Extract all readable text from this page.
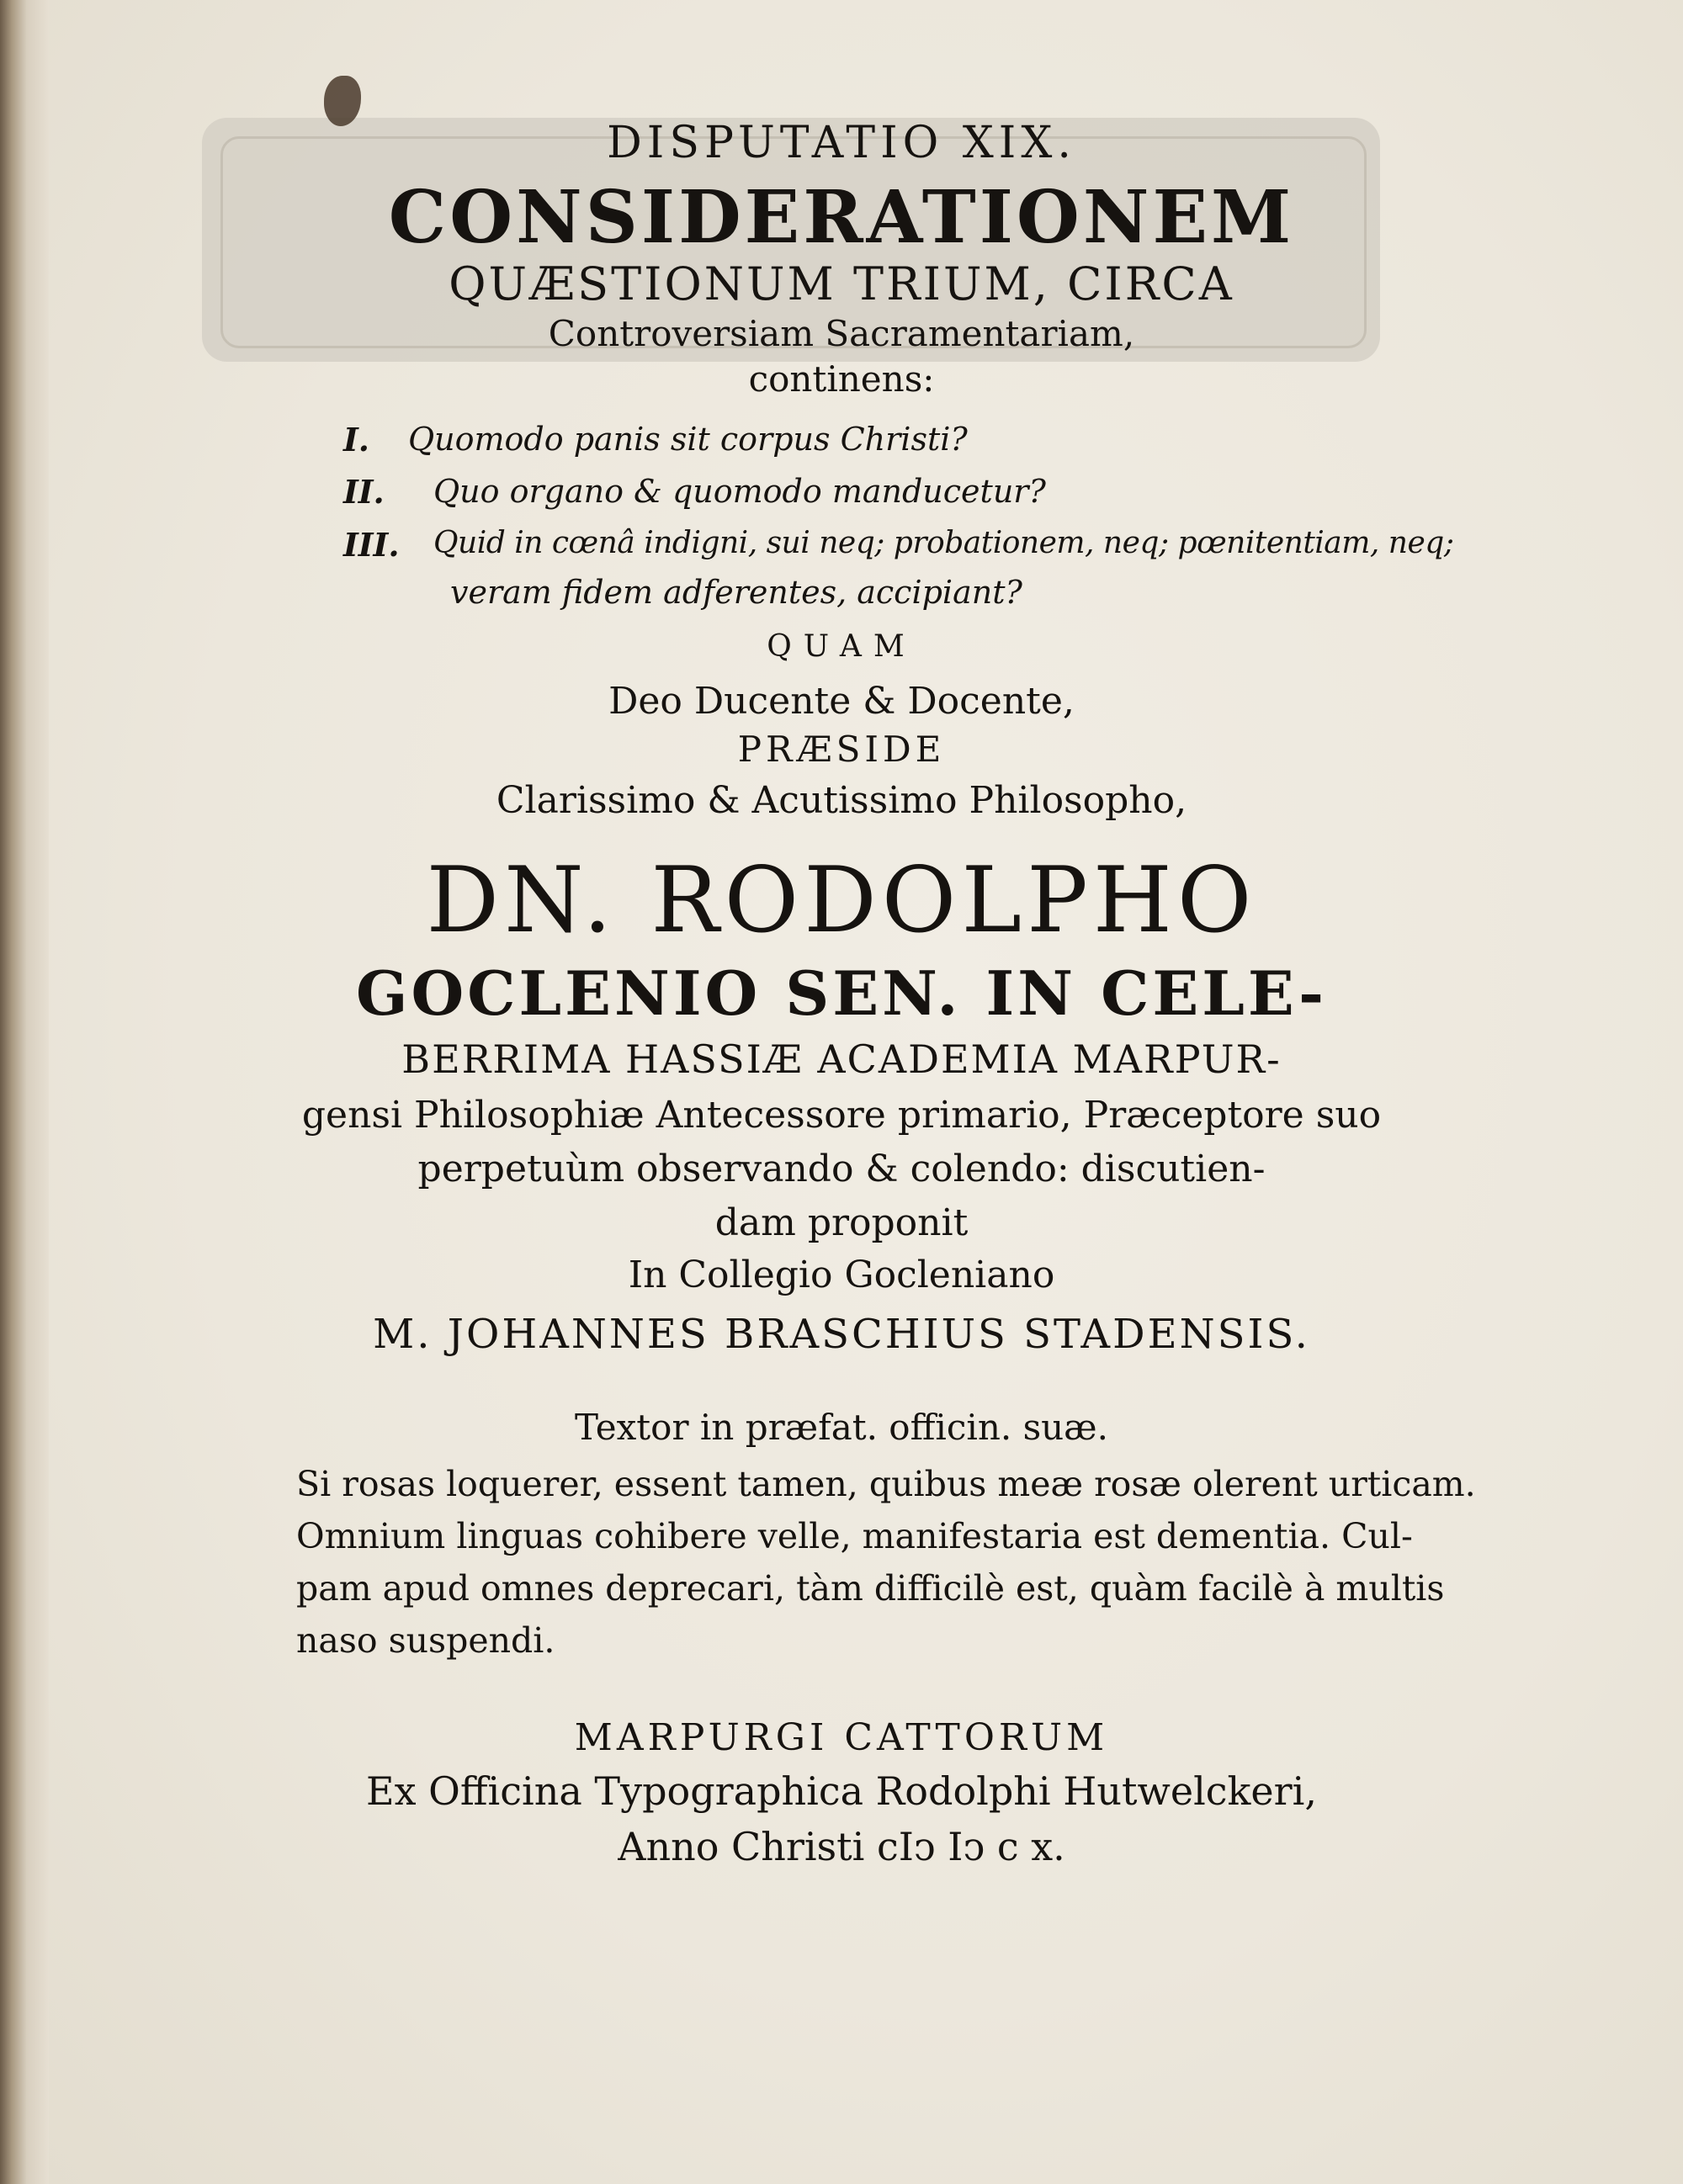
DISPUTATIO XIX.
CONSIDERATIONEM
QUÆSTIONUM TRIUM, CIRCA
Controversiam Sacramentariam,
continens:
I. Quomodo panis sit corpus Christi?
II. Quo organo & quomodo manducetur?
III. Quid in cœnâ indigni, sui neq; probationem, neq; pœnitentiam, neq;
veram fidem adferentes, accipiant?
QUAM
Deo Ducente & Docente,
PRÆSIDE
Clarissimo & Acutissimo Philosopho,
DN. RODOLPHO
GOCLENIO SEN. IN CELE-
BERRIMA HASSIÆ ACADEMIA MARPUR-
gensi Philosophiæ Antecessore primario, Præceptore suo
perpetuùm observando & colendo: discutien-
dam proponit
In Collegio Gocleniano
M. JOHANNES BRASCHIUS STADENSIS.
Textor in præfat. officin. suæ.
Si rosas loquerer, essent tamen, quibus meæ rosæ olerent urticam.
Omnium linguas cohibere velle, manifestaria est dementia. Cul-
pam apud omnes deprecari, tàm difficilè est, quàm facilè à multis
naso suspendi.
MARPURGI CATTORUM
Ex Officina Typographica Rodolphi Hutwelckeri,
Anno Christi cIↄ Iↄ c x.
